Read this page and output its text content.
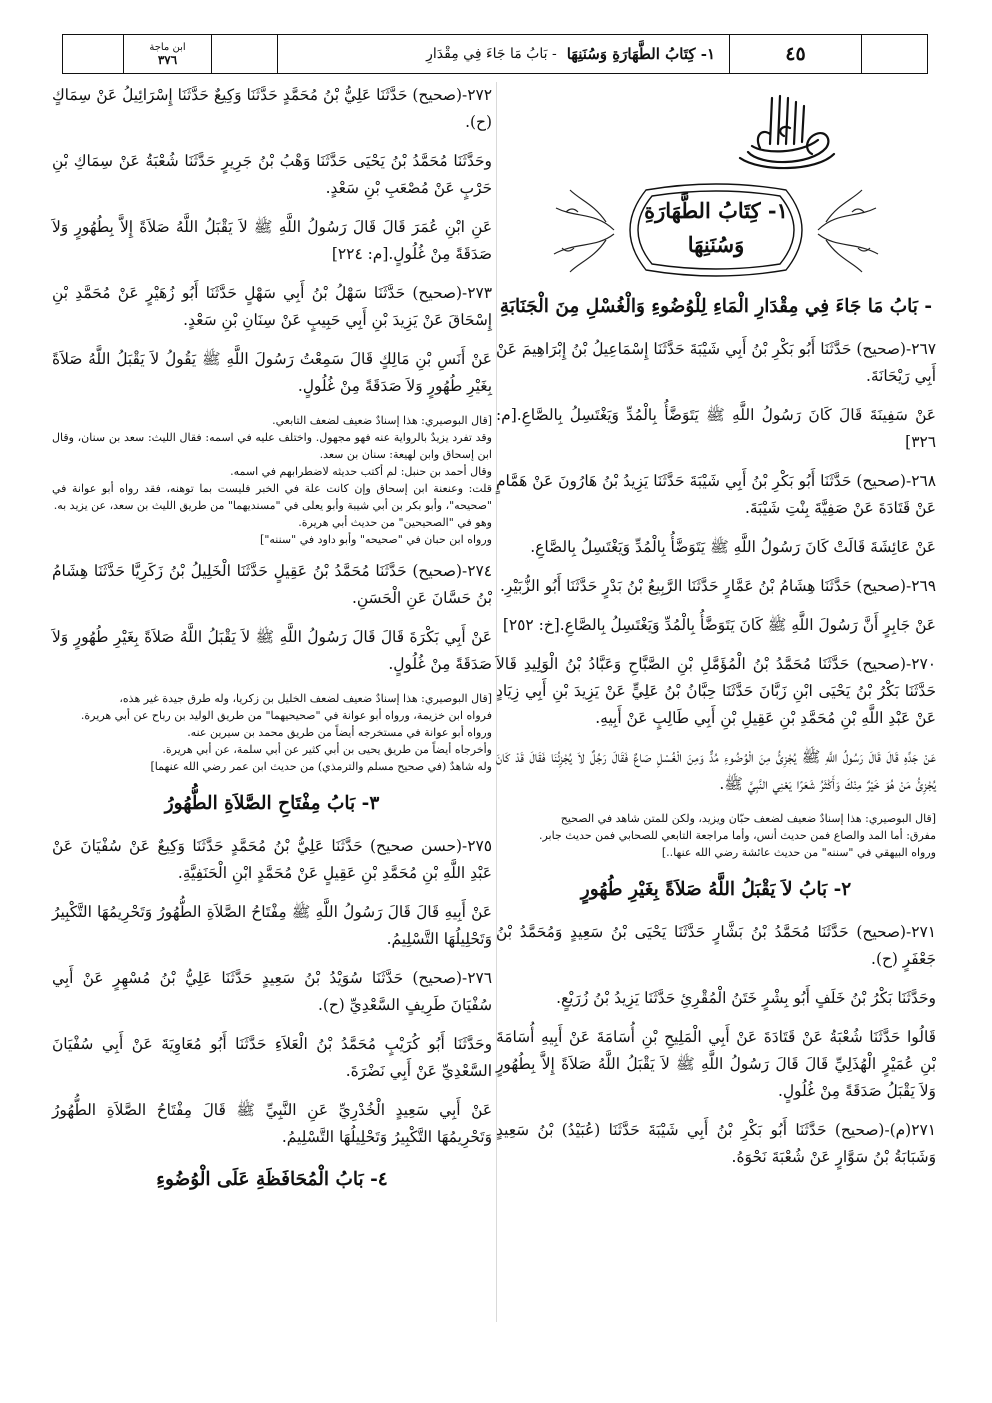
٤٥
١- كِتَابُ الطَّهَارَةِ وَسُنَنِهَا
- بَابُ مَا جَاءَ فِي مِقْدَارِ
ابن ماجة
٣٧٦
١- كِتَابُ الطَّهَارَةِ وَسُنَنِهَا
- بَابُ مَا جَاءَ فِي مِقْدَارِ الْمَاءِ لِلْوُضُوءِ وَالْغُسْلِ مِنَ الْجَنَابَةِ

٢٦٧-(صحيح) حَدَّثَنَا أَبُو بَكْرِ بْنُ أَبِي شَيْبَةَ حَدَّثَنَا إِسْمَاعِيلُ بْنُ إِبْرَاهِيمَ عَنْ أَبِي رَيْحَانَةَ.

عَنْ سَفِينَةَ قَالَ كَانَ رَسُولُ اللَّهِ ﷺ يَتَوَضَّأُ بِالْمُدِّ وَيَغْتَسِلُ بِالصَّاعِ.[م: ٣٢٦]

٢٦٨-(صحيح) حَدَّثَنَا أَبُو بَكْرِ بْنُ أَبِي شَيْبَةَ حَدَّثَنَا يَزِيدُ بْنُ هَارُونَ عَنْ هَمَّامٍ عَنْ قَتَادَةَ عَنْ صَفِيَّةَ بِنْتِ شَيْبَةَ.

عَنْ عَائِشَةَ قَالَتْ كَانَ رَسُولُ اللَّهِ ﷺ يَتَوَضَّأُ بِالْمُدِّ وَيَغْتَسِلُ بِالصَّاعِ.

٢٦٩-(صحيح) حَدَّثَنَا هِشَامُ بْنُ عَمَّارٍ حَدَّثَنَا الرَّبِيعُ بْنُ بَدْرٍ حَدَّثَنَا أَبُو الزُّبَيْرِ.

عَنْ جَابِرٍ أَنَّ رَسُولَ اللَّهِ ﷺ كَانَ يَتَوَضَّأُ بِالْمُدِّ وَيَغْتَسِلُ بِالصَّاعِ.[خ: ٢٥٢]

٢٧٠-(صحيح) حَدَّثَنَا مُحَمَّدُ بْنُ الْمُؤَمَّلِ بْنِ الصَّبَّاحِ وَعَبَّادُ بْنُ الْوَلِيدِ قَالاَ حَدَّثَنَا بَكْرُ بْنُ يَحْيَى ابْنِ زَبَّانَ حَدَّثَنَا حِبَّانُ بْنُ عَلِيٍّ عَنْ يَزِيدَ بْنِ أَبِي زِيَادٍ عَنْ عَبْدِ اللَّهِ بْنِ مُحَمَّدِ بْنِ عَقِيلِ بْنِ أَبِي طَالِبٍ عَنْ أَبِيهِ.

عَنْ جَدِّهِ قَالَ قَالَ رَسُولُ اللَّهِ ﷺ يُجْزِئُ مِنَ الْوُضُوءِ مُدٌّ وَمِنَ الْغُسْلِ صَاعٌ فَقَالَ رَجُلٌ لاَ يُجْزِئُنَا فَقَالَ قَدْ كَانَ يُجْزِئُ مَنْ هُوَ خَيْرٌ مِنْكَ وَأَكْثَرُ شَعَرًا يَعْنِي النَّبِيَّ ﷺ.

[قال البوصيري: هذا إسنادٌ ضعيف لضعف حبّان ويزيد، ولكن للمتن شاهد في الصحيح
مفرق: أما المد والصاع فمن حديث أنس، وأما مراجعة التابعي للصحابي فمن حديث جابر.
ورواه البيهقي في "سننه" من حديث عائشة رضي الله عنها..]
٢- بَابُ لاَ يَقْبَلُ اللَّهُ صَلاَةً بِغَيْرِ طُهُورٍ

٢٧١-(صحيح) حَدَّثَنَا مُحَمَّدُ بْنُ بَشَّارٍ حَدَّثَنَا يَحْيَى بْنُ سَعِيدٍ وَمُحَمَّدُ بْنُ جَعْفَرٍ (ح).

وحَدَّثَنَا بَكْرُ بْنُ خَلَفٍ أَبُو بِشْرٍ خَتَنُ الْمُقْرِئِ حَدَّثَنَا يَزِيدُ بْنُ زُرَيْعٍ.

قَالُوا حَدَّثَنَا شُعْبَةُ عَنْ قَتَادَةَ عَنْ أَبِي الْمَلِيحِ بْنِ أُسَامَةَ عَنْ أَبِيهِ أُسَامَةَ بْنِ عُمَيْرٍ الْهُذَلِيِّ قَالَ قَالَ رَسُولُ اللَّهِ ﷺ لاَ يَقْبَلُ اللَّهُ صَلاَةً إِلاَّ بِطُهُورٍ وَلاَ يَقْبَلُ صَدَقَةً مِنْ غُلُولٍ.

٢٧١(م)-(صحيح) حَدَّثَنَا أَبُو بَكْرِ بْنُ أَبِي شَيْبَةَ حَدَّثَنَا (عُبَيْدُ) بْنُ سَعِيدٍ وَشَبَابَةُ بْنُ سَوَّارٍ عَنْ شُعْبَةَ نَحْوَهُ.

٢٧٢-(صحيح) حَدَّثَنَا عَلِيُّ بْنُ مُحَمَّدٍ حَدَّثَنَا وَكِيعٌ حَدَّثَنَا إِسْرَائِيلُ عَنْ سِمَاكٍ (ح).

وحَدَّثَنَا مُحَمَّدُ بْنُ يَحْيَى حَدَّثَنَا وَهْبُ بْنُ جَرِيرٍ حَدَّثَنَا شُعْبَةُ عَنْ سِمَاكِ بْنِ حَرْبٍ عَنْ مُصْعَبِ بْنِ سَعْدٍ.

عَنِ ابْنِ عُمَرَ قَالَ قَالَ رَسُولُ اللَّهِ ﷺ لاَ يَقْبَلُ اللَّهُ صَلاَةً إِلاَّ بِطُهُورٍ وَلاَ صَدَقَةً مِنْ غُلُولٍ.[م: ٢٢٤]

٢٧٣-(صحيح) حَدَّثَنَا سَهْلُ بْنُ أَبِي سَهْلٍ حَدَّثَنَا أَبُو زُهَيْرٍ عَنْ مُحَمَّدِ بْنِ إِسْحَاقَ عَنْ يَزِيدَ بْنِ أَبِي حَبِيبٍ عَنْ سِنَانِ بْنِ سَعْدٍ.

عَنْ أَنَسِ بْنِ مَالِكٍ قَالَ سَمِعْتُ رَسُولَ اللَّهِ ﷺ يَقُولُ لاَ يَقْبَلُ اللَّهُ صَلاَةً بِغَيْرِ طُهُورٍ وَلاَ صَدَقَةً مِنْ غُلُولٍ.

[قال البوصيري: هذا إسنادٌ ضعيف لضعف التابعي.
وقد تفرد يزيدٌ بالرواية عنه فهو مجهول. واختلف عليه في اسمه: فقال الليث: سعد بن سنان، وقال ابن إسحاق وابن لهيعة: سنان بن سعد.
وقال أحمد بن حنبل: لم أكتب حديثه لاضطرابهم في اسمه.
قلت: وعنعنة ابن إسحاق وإن كانت علة في الخبر فليست بما توهنه، فقد رواه أبو عوانة في "صحيحه"، وأبو بكر بن أبي شيبة وأبو يعلى في "مسنديهما" من طريق الليث بن سعد، عن يزيد به.
وهو في "الصحيحين" من حديث أبي هريرة.
ورواه ابن حبان في "صحيحه" وأبو داود في "سننه"]

٢٧٤-(صحيح) حَدَّثَنَا مُحَمَّدُ بْنُ عَقِيلٍ حَدَّثَنَا الْخَلِيلُ بْنُ زَكَرِيَّا حَدَّثَنَا هِشَامُ بْنُ حَسَّانَ عَنِ الْحَسَنِ.

عَنْ أَبِي بَكْرَةَ قَالَ قَالَ رَسُولُ اللَّهِ ﷺ لاَ يَقْبَلُ اللَّهُ صَلاَةً بِغَيْرِ طُهُورٍ وَلاَ صَدَقَةً مِنْ غُلُولٍ.

[قال البوصيري: هذا إسنادٌ ضعيف لضعف الخليل بن زكريا، وله طرق جيدة غير هذه،
فرواه ابن خزيمة، ورواه أبو عوانة في "صحيحيهما" من طريق الوليد بن رباح عن أبي هريرة.
ورواه أبو عوانة في مستخرجه أيضاً من طريق محمد بن سيرين عنه.
وأخرجاه أيضاً من طريق يحيى بن أبي كثير عن أبي سلمة، عن أبي هريرة.
وله شاهدٌ (في صحيح مسلم والترمذي) من حديث ابن عمر رضي الله عنهما]
٣- بَابُ مِفْتَاحِ الصَّلاَةِ الطُّهُورُ

٢٧٥-(حسن صحيح) حَدَّثَنَا عَلِيُّ بْنُ مُحَمَّدٍ حَدَّثَنَا وَكِيعٌ عَنْ سُفْيَانَ عَنْ عَبْدِ اللَّهِ بْنِ مُحَمَّدِ بْنِ عَقِيلٍ عَنْ مُحَمَّدٍ ابْنِ الْحَنَفِيَّةِ.

عَنْ أَبِيهِ قَالَ قَالَ رَسُولُ اللَّهِ ﷺ مِفْتَاحُ الصَّلاَةِ الطُّهُورُ وَتَحْرِيمُهَا التَّكْبِيرُ وَتَحْلِيلُهَا التَّسْلِيمُ.

٢٧٦-(صحيح) حَدَّثَنَا سُوَيْدُ بْنُ سَعِيدٍ حَدَّثَنَا عَلِيُّ بْنُ مُسْهِرٍ عَنْ أَبِي سُفْيَانَ طَرِيفٍ السَّعْدِيِّ (ح).

وحَدَّثَنَا أَبُو كُرَيْبٍ مُحَمَّدُ بْنُ الْعَلاَءِ حَدَّثَنَا أَبُو مُعَاوِيَةَ عَنْ أَبِي سُفْيَانَ السَّعْدِيِّ عَنْ أَبِي نَضْرَةَ.

عَنْ أَبِي سَعِيدٍ الْخُدْرِيِّ عَنِ النَّبِيِّ ﷺ قَالَ مِفْتَاحُ الصَّلاَةِ الطُّهُورُ وَتَحْرِيمُهَا التَّكْبِيرُ وَتَحْلِيلُهَا التَّسْلِيمُ.

٤- بَابُ الْمُحَافَظَةِ عَلَى الْوُضُوءِ
